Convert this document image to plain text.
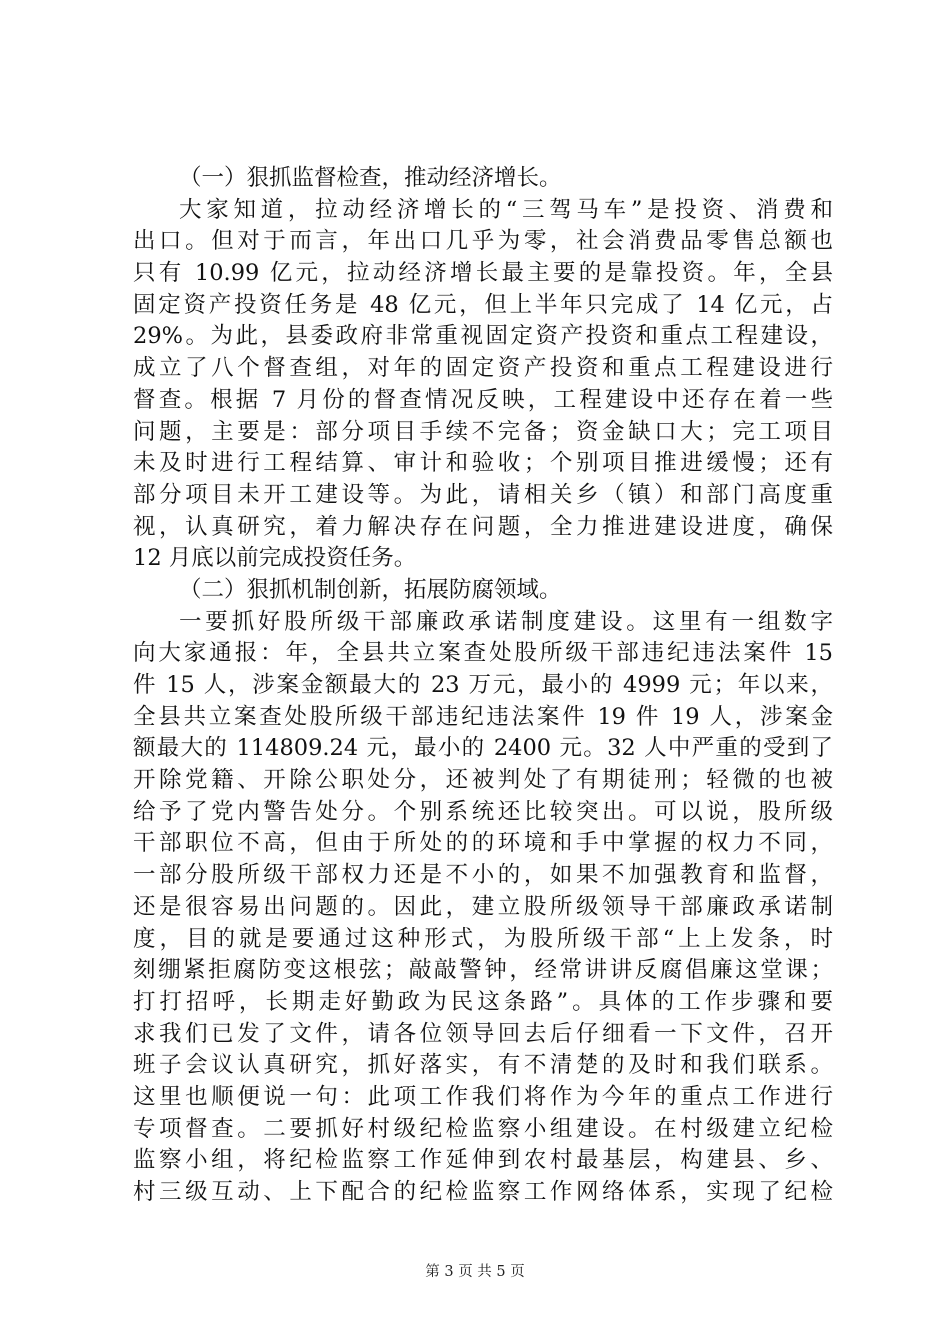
（一）狠抓监督检查，推动经济增长。
大家知道，拉动经济增长的“三驾马车”是投资、消费和
出口。但对于而言，年出口几乎为零，社会消费品零售总额也
只有 10.99 亿元，拉动经济增长最主要的是靠投资。年，全县
固定资产投资任务是 48 亿元，但上半年只完成了 14 亿元，占
29%。为此，县委政府非常重视固定资产投资和重点工程建设，
成立了八个督查组，对年的固定资产投资和重点工程建设进行
督查。根据 7 月份的督查情况反映，工程建设中还存在着一些
问题，主要是：部分项目手续不完备；资金缺口大；完工项目
未及时进行工程结算、审计和验收；个别项目推进缓慢；还有
部分项目未开工建设等。为此，请相关乡（镇）和部门高度重
视，认真研究，着力解决存在问题，全力推进建设进度，确保
12 月底以前完成投资任务。
（二）狠抓机制创新，拓展防腐领域。
一要抓好股所级干部廉政承诺制度建设。这里有一组数字
向大家通报：年，全县共立案查处股所级干部违纪违法案件 15
件 15 人，涉案金额最大的 23 万元，最小的 4999 元；年以来，
全县共立案查处股所级干部违纪违法案件 19 件 19 人，涉案金
额最大的 114809.24 元，最小的 2400 元。32 人中严重的受到了
开除党籍、开除公职处分，还被判处了有期徒刑；轻微的也被
给予了党内警告处分。个别系统还比较突出。可以说，股所级
干部职位不高，但由于所处的的环境和手中掌握的权力不同，
一部分股所级干部权力还是不小的，如果不加强教育和监督，
还是很容易出问题的。因此，建立股所级领导干部廉政承诺制
度，目的就是要通过这种形式，为股所级干部“上上发条，时
刻绷紧拒腐防变这根弦；敲敲警钟，经常讲讲反腐倡廉这堂课；
打打招呼，长期走好勤政为民这条路”。具体的工作步骤和要
求我们已发了文件，请各位领导回去后仔细看一下文件，召开
班子会议认真研究，抓好落实，有不清楚的及时和我们联系。
这里也顺便说一句：此项工作我们将作为今年的重点工作进行
专项督查。二要抓好村级纪检监察小组建设。在村级建立纪检
监察小组，将纪检监察工作延伸到农村最基层，构建县、乡、
村三级互动、上下配合的纪检监察工作网络体系，实现了纪检
第 3 页 共 5 页
